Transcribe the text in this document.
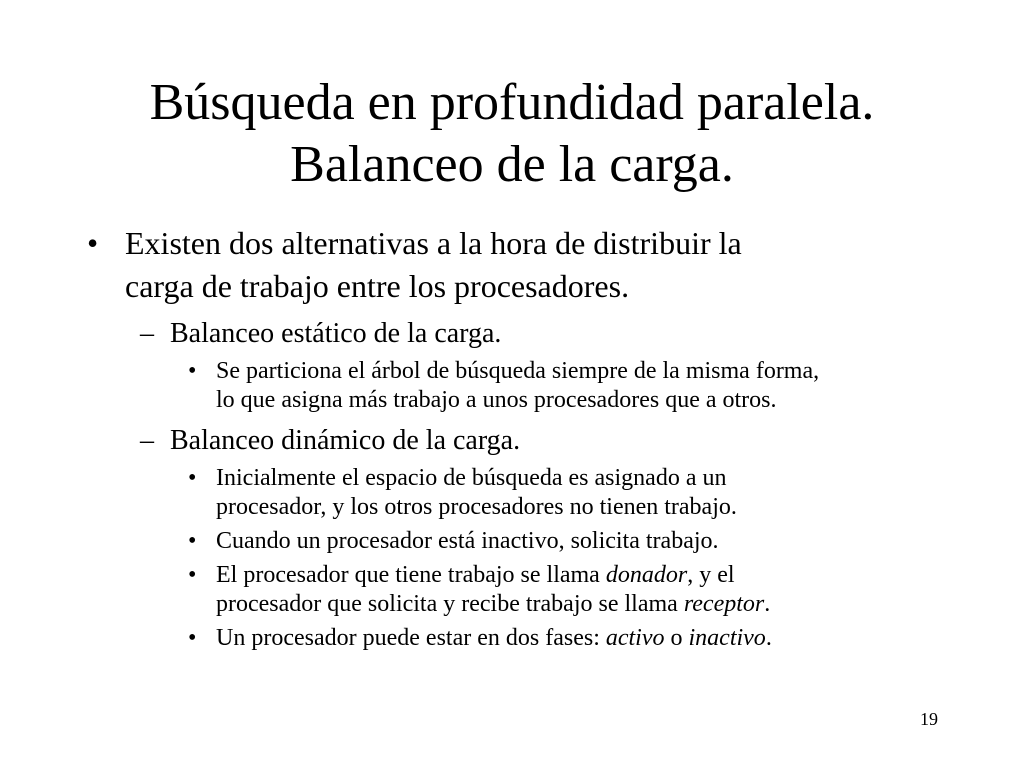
Búsqueda en profundidad paralela.
Balanceo de la carga.
• Existen dos alternativas a la hora de distribuir la
carga de trabajo entre los procesadores.
– Balanceo estático de la carga.
• Se particiona el árbol de búsqueda siempre de la misma forma,
lo que asigna más trabajo a unos procesadores que a otros.
– Balanceo dinámico de la carga.
• Inicialmente el espacio de búsqueda es asignado a un
procesador, y los otros procesadores no tienen trabajo.
• Cuando un procesador está inactivo, solicita trabajo.
• El procesador que tiene trabajo se llama donador, y el
procesador que solicita y recibe trabajo se llama receptor.
• Un procesador puede estar en dos fases: activo o inactivo.
19
